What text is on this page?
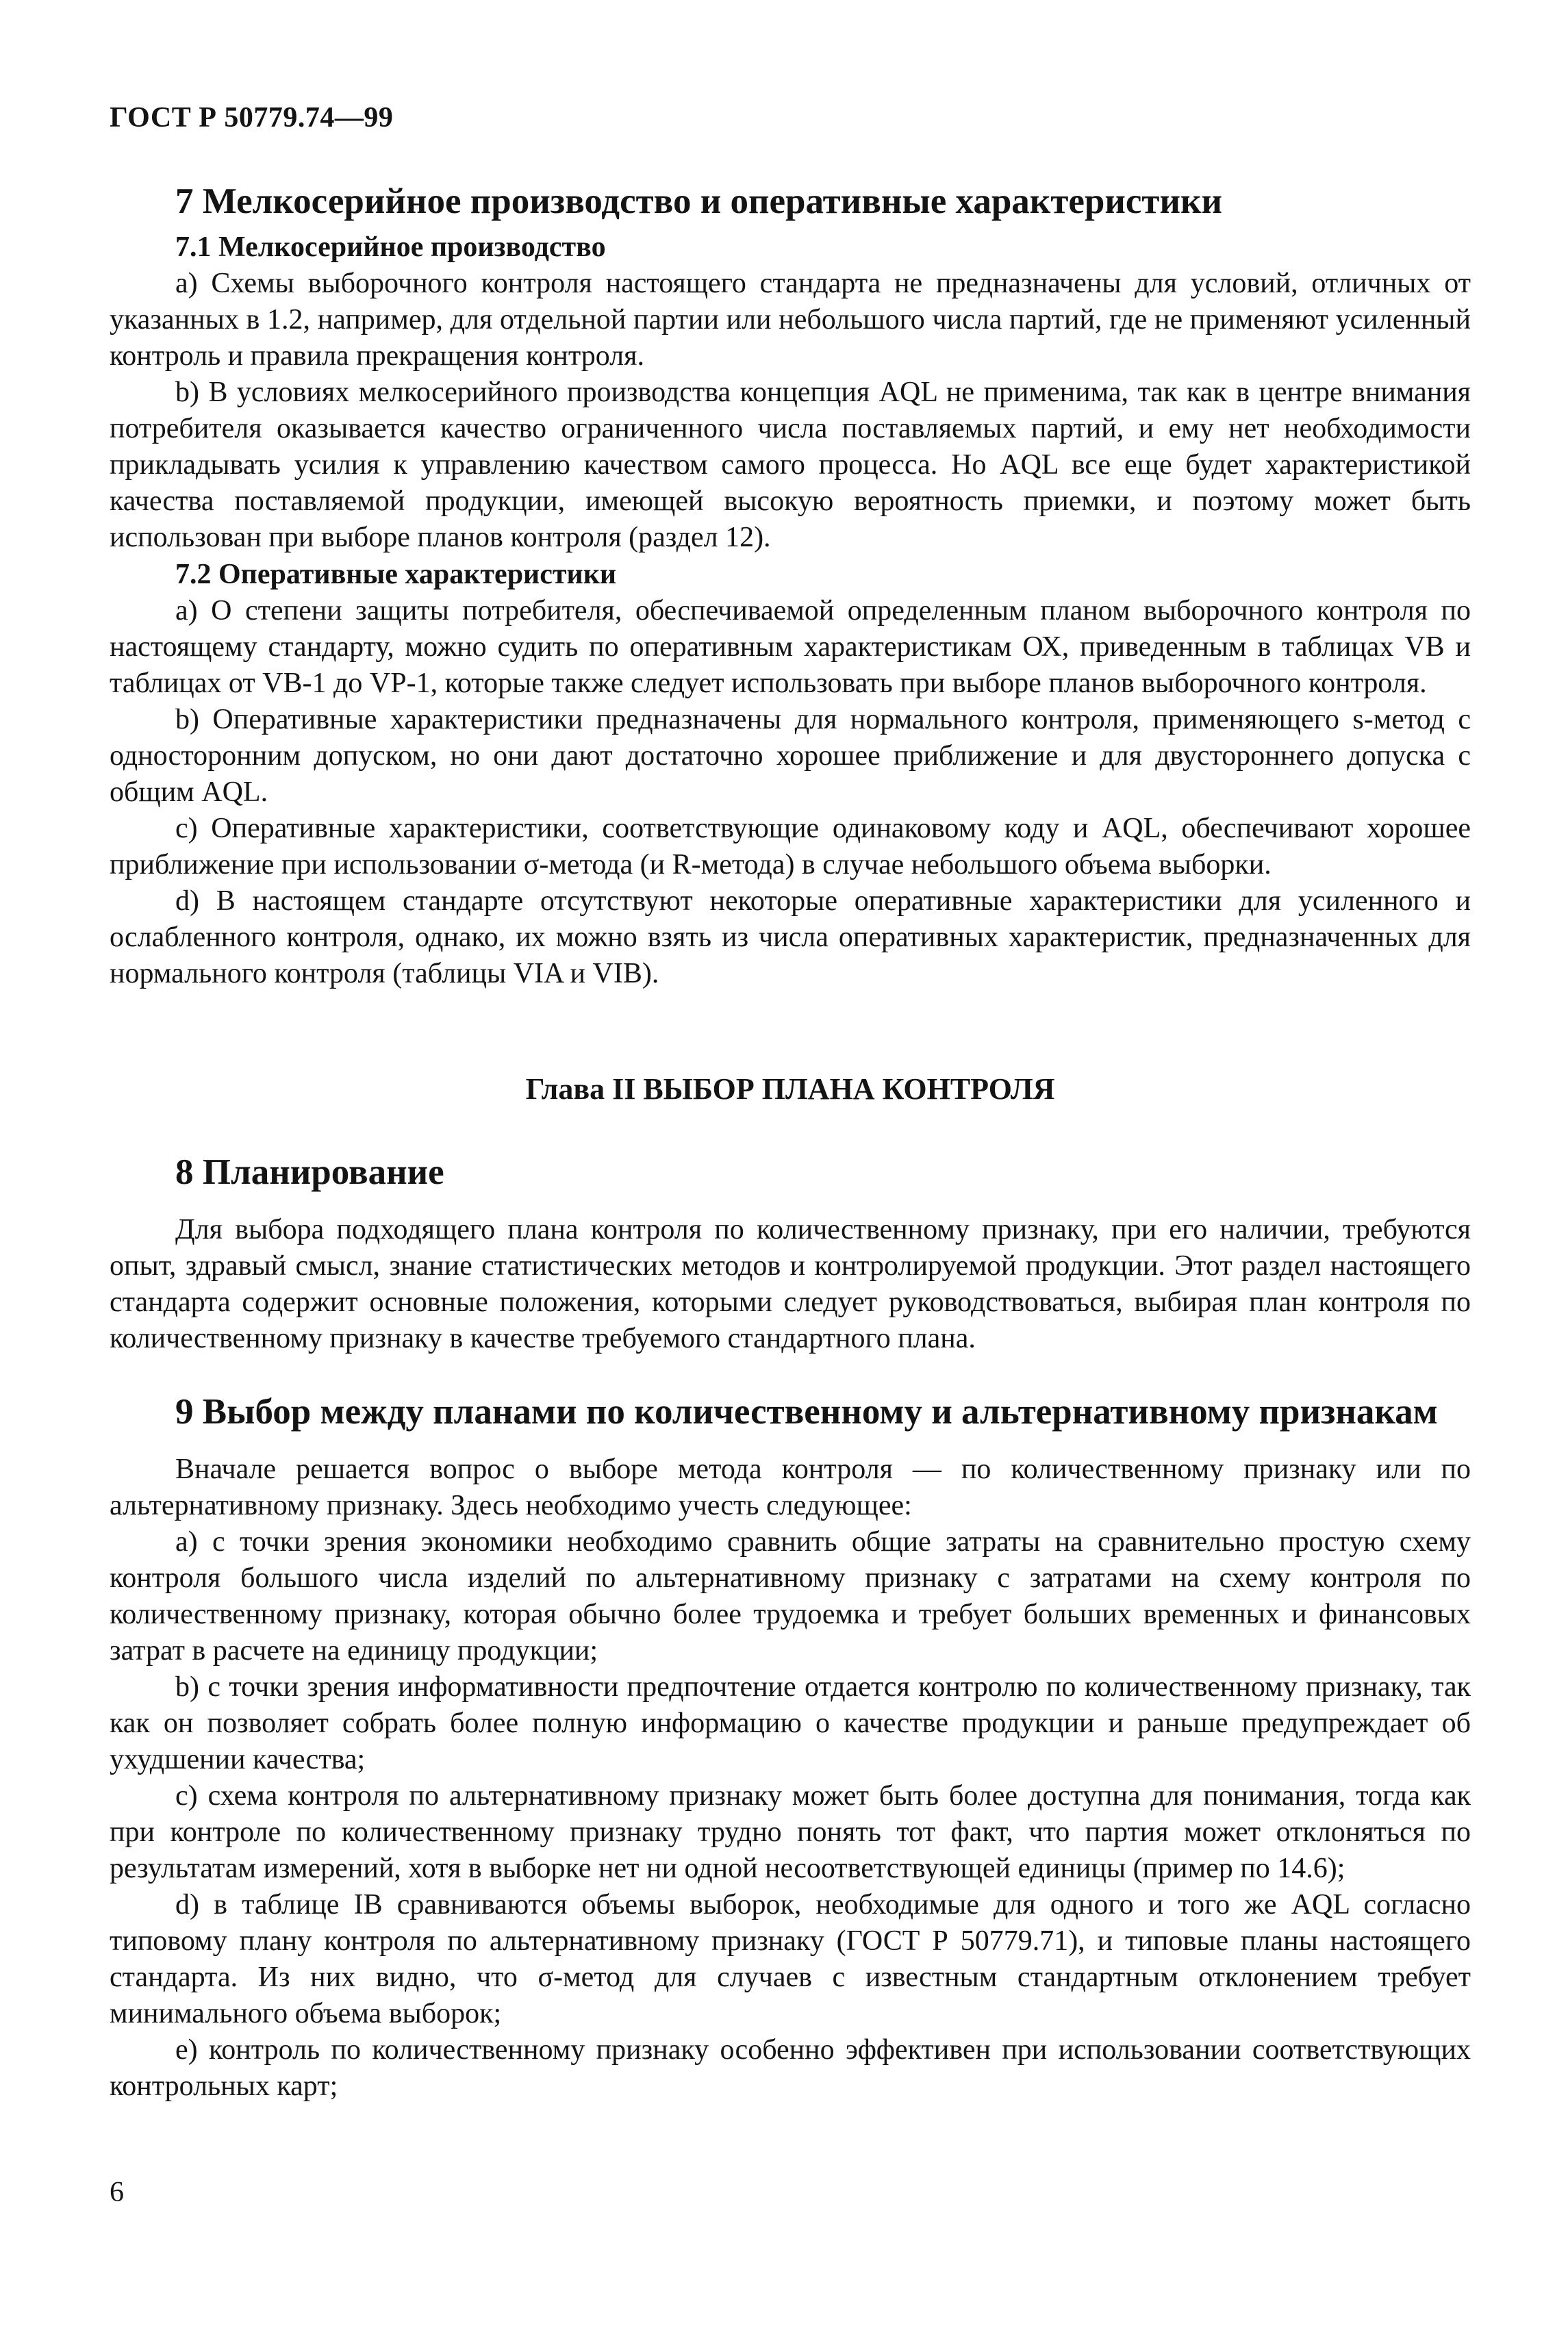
ГОСТ Р 50779.74—99
7 Мелкосерийное производство и оперативные характеристики
7.1 Мелкосерийное производство

a) Схемы выборочного контроля настоящего стандарта не предназначены для условий, отличных от указанных в 1.2, например, для отдельной партии или небольшого числа партий, где не применяют усиленный контроль и правила прекращения контроля.

b) В условиях мелкосерийного производства концепция AQL не применима, так как в центре внимания потребителя оказывается качество ограниченного числа поставляемых партий, и ему нет необходимости прикладывать усилия к управлению качеством самого процесса. Но AQL все еще будет характеристикой качества поставляемой продукции, имеющей высокую вероятность приемки, и поэтому может быть использован при выборе планов контроля (раздел 12).

7.2 Оперативные характеристики

a) О степени защиты потребителя, обеспечиваемой определенным планом выборочного контроля по настоящему стандарту, можно судить по оперативным характеристикам ОХ, приведенным в таблицах VB и таблицах от VB-1 до VP-1, которые также следует использовать при выборе планов выборочного контроля.

b) Оперативные характеристики предназначены для нормального контроля, применяющего s-метод с односторонним допуском, но они дают достаточно хорошее приближение и для двустороннего допуска с общим AQL.

c) Оперативные характеристики, соответствующие одинаковому коду и AQL, обеспечивают хорошее приближение при использовании σ-метода (и R-метода) в случае небольшого объема выборки.

d) В настоящем стандарте отсутствуют некоторые оперативные характеристики для усиленного и ослабленного контроля, однако, их можно взять из числа оперативных характеристик, предназначенных для нормального контроля (таблицы VIA и VIB).

Глава II ВЫБОР ПЛАНА КОНТРОЛЯ
8 Планирование

Для выбора подходящего плана контроля по количественному признаку, при его наличии, требуются опыт, здравый смысл, знание статистических методов и контролируемой продукции. Этот раздел настоящего стандарта содержит основные положения, которыми следует руководствоваться, выбирая план контроля по количественному признаку в качестве требуемого стандартного плана.

9 Выбор между планами по количественному и альтернативному признакам

Вначале решается вопрос о выборе метода контроля — по количественному признаку или по альтернативному признаку. Здесь необходимо учесть следующее:

a) с точки зрения экономики необходимо сравнить общие затраты на сравнительно простую схему контроля большого числа изделий по альтернативному признаку с затратами на схему контроля по количественному признаку, которая обычно более трудоемка и требует больших временных и финансовых затрат в расчете на единицу продукции;

b) с точки зрения информативности предпочтение отдается контролю по количественному признаку, так как он позволяет собрать более полную информацию о качестве продукции и раньше предупреждает об ухудшении качества;

c) схема контроля по альтернативному признаку может быть более доступна для понимания, тогда как при контроле по количественному признаку трудно понять тот факт, что партия может отклоняться по результатам измерений, хотя в выборке нет ни одной несоответствующей единицы (пример по 14.6);

d) в таблице IB сравниваются объемы выборок, необходимые для одного и того же AQL согласно типовому плану контроля по альтернативному признаку (ГОСТ Р 50779.71), и типовые планы настоящего стандарта. Из них видно, что σ-метод для случаев с известным стандартным отклонением требует минимального объема выборок;

e) контроль по количественному признаку особенно эффективен при использовании соответствующих контрольных карт;

6
